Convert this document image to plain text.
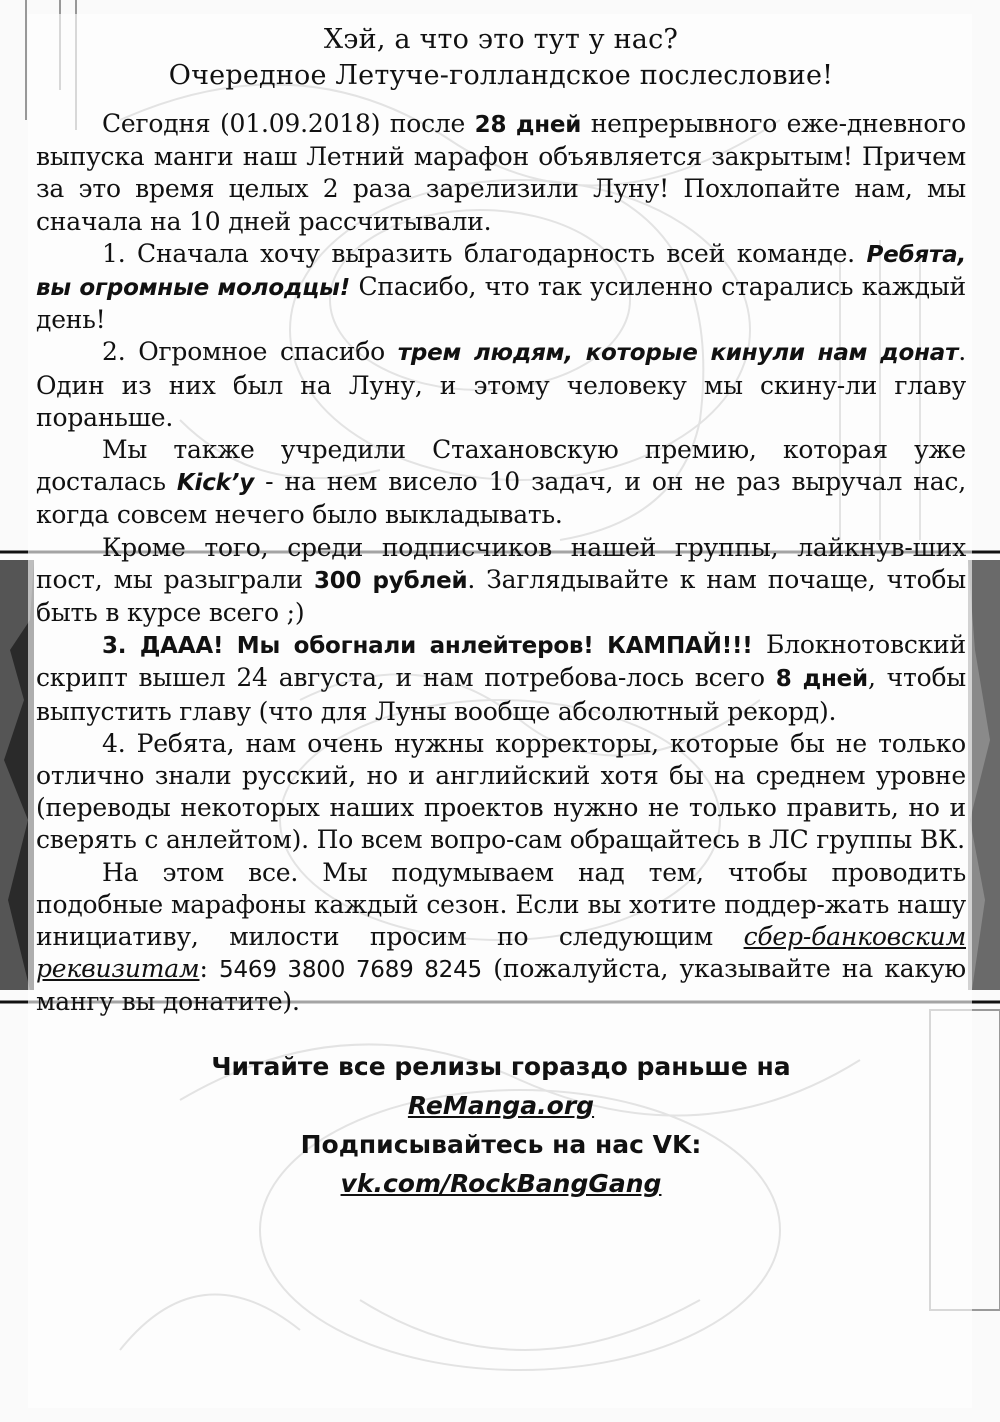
Хэй, а что это тут у нас?

Очередное Летуче-голландское послесловие!

Сегодня (01.09.2018) после 28 дней непрерывного еже-дневного выпуска манги наш Летний марафон объявляется закрытым! Причем за это время целых 2 раза зарелизили Луну! Похлопайте нам, мы сначала на 10 дней рассчитывали.

1. Сначала хочу выразить благодарность всей команде. Ребята, вы огромные молодцы! Спасибо, что так усиленно старались каждый день!

2. Огромное спасибо трем людям, которые кинули нам донат. Один из них был на Луну, и этому человеку мы скину-ли главу пораньше.

Мы также учредили Стахановскую премию, которая уже досталась Kick’y - на нем висело 10 задач, и он не раз выручал нас, когда совсем нечего было выкладывать.

Кроме того, среди подписчиков нашей группы, лайкнув-ших пост, мы разыграли 300 рублей. Заглядывайте к нам почаще, чтобы быть в курсе всего ;)

3. ДААА! Мы обогнали анлейтеров! КАМПАЙ!!! Блокнотовский скрипт вышел 24 августа, и нам потребова-лось всего 8 дней, чтобы выпустить главу (что для Луны вообще абсолютный рекорд).

4. Ребята, нам очень нужны корректоры, которые бы не только отлично знали русский, но и английский хотя бы на среднем уровне (переводы некоторых наших проектов нужно не только править, но и сверять с анлейтом). По всем вопро-сам обращайтесь в ЛС группы ВК.

На этом все. Мы подумываем над тем, чтобы проводить подобные марафоны каждый сезон. Если вы хотите поддер-жать нашу инициативу, милости просим по следующим сбер-банковским реквизитам: 5469 3800 7689 8245 (пожалуйста, указывайте на какую мангу вы донатите).

Читайте все релизы гораздо раньше на

ReManga.org

Подписывайтесь на нас VK:

vk.com/RockBangGang
